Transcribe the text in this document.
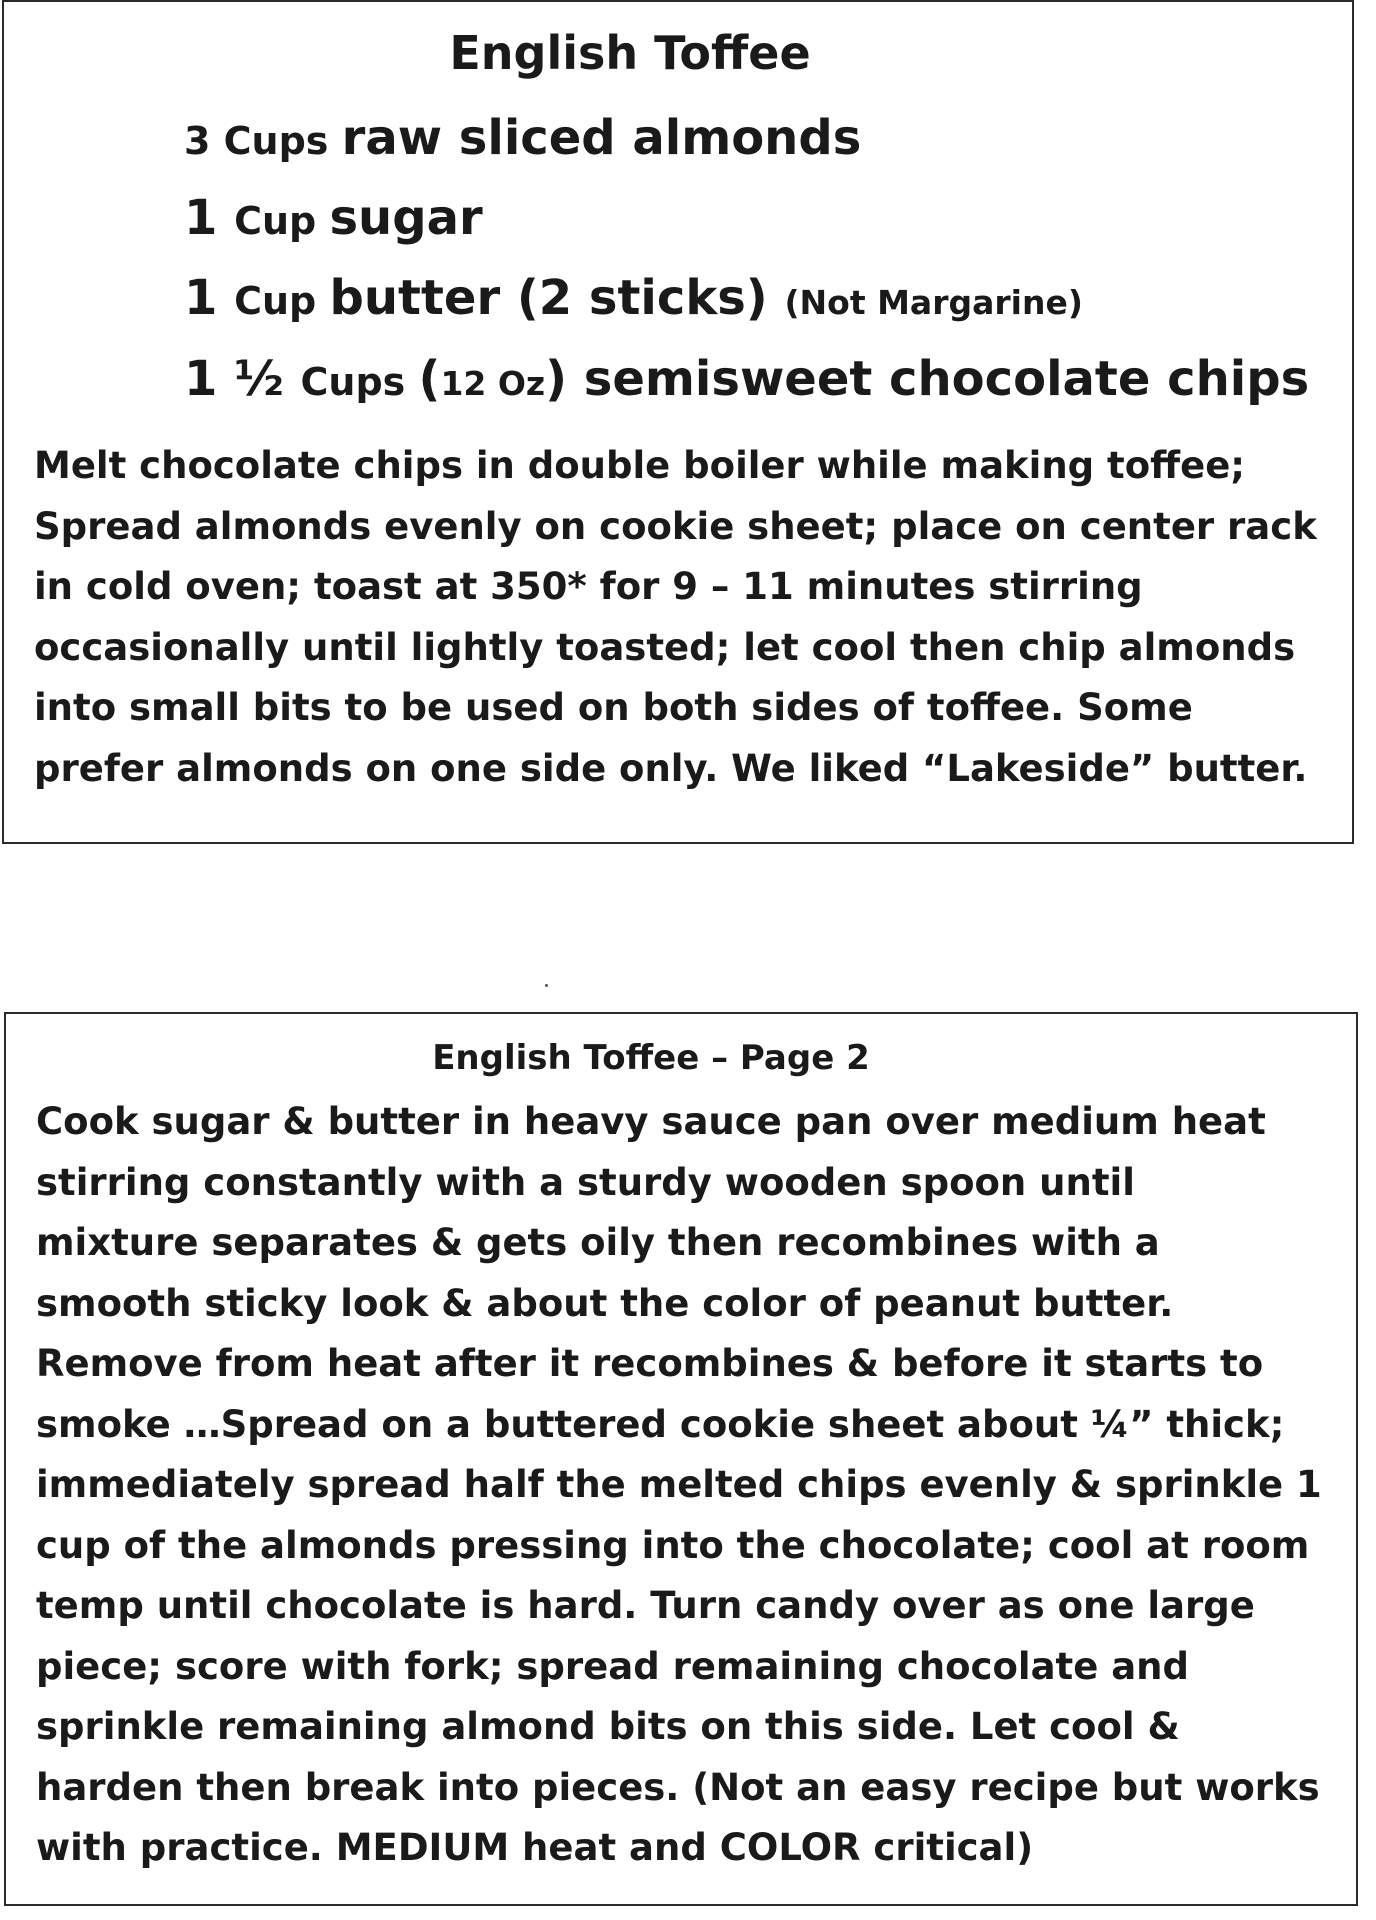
English Toffee
3 Cups raw sliced almonds
1 Cup sugar
1 Cup butter (2 sticks) (Not Margarine)
1 ½ Cups (12 Oz) semisweet chocolate chips

Melt chocolate chips in double boiler while making toffee;
Spread almonds evenly on cookie sheet; place on center rack
in cold oven; toast at 350* for 9 – 11 minutes stirring
occasionally until lightly toasted; let cool then chip almonds
into small bits to be used on both sides of toffee. Some
prefer almonds on one side only. We liked “Lakeside” butter.

English Toffee – Page 2

Cook sugar & butter in heavy sauce pan over medium heat
stirring constantly with a sturdy wooden spoon until
mixture separates & gets oily then recombines with a
smooth sticky look & about the color of peanut butter.
Remove from heat after it recombines & before it starts to
smoke …Spread on a buttered cookie sheet about ¼” thick;
immediately spread half the melted chips evenly & sprinkle 1
cup of the almonds pressing into the chocolate; cool at room
temp until chocolate is hard. Turn candy over as one large
piece; score with fork; spread remaining chocolate and
sprinkle remaining almond bits on this side. Let cool &
harden then break into pieces. (Not an easy recipe but works
with practice. MEDIUM heat and COLOR critical)
